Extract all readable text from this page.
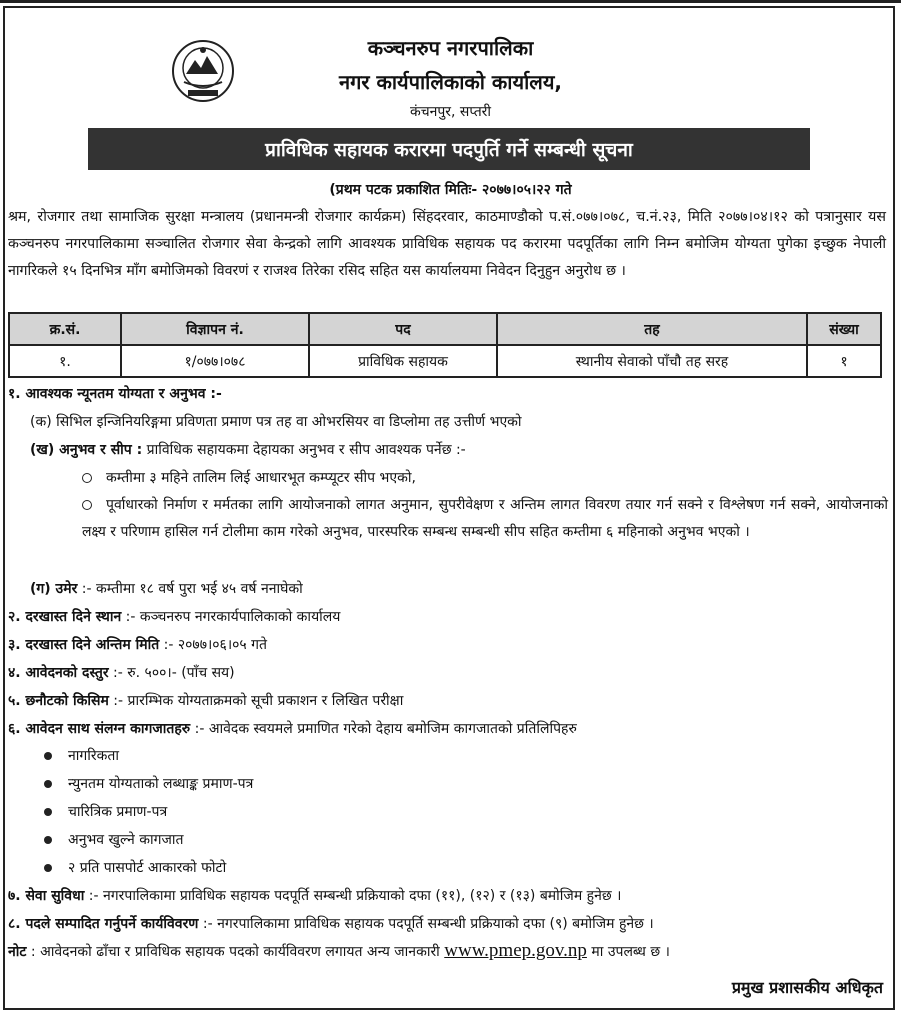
कञ्चनरुप नगरपालिका
नगर कार्यपालिकाको कार्यालय,
कंचनपुर, सप्तरी
प्राविधिक सहायक करारमा पदपुर्ति गर्ने सम्बन्धी सूचना
(प्रथम पटक प्रकाशित मितिः- २०७७।०५।२२ गते
श्रम, रोजगार तथा सामाजिक सुरक्षा मन्त्रालय (प्रधानमन्त्री रोजगार कार्यक्रम) सिंहदरवार, काठमाण्डौको प.सं.०७७।०७८, च.नं.२३, मिति २०७७।०४।१२ को पत्रानुसार यस कञ्चनरुप नगरपालिकामा सञ्चालित रोजगार सेवा केन्द्रको लागि आवश्यक प्राविधिक सहायक पद करारमा पदपूर्तिका लागि निम्न बमोजिम योग्यता पुगेका इच्छुक नेपाली नागरिकले १५ दिनभित्र माँग बमोजिमको विवरणं र राजश्व तिरेका रसिद सहित यस कार्यालयमा निवेदन दिनुहुन अनुरोध छ ।
क्र.सं.	विज्ञापन नं.	पद	तह	संख्या
१.	१/०७७।०७८	प्राविधिक सहायक	स्थानीय सेवाको पाँचौ तह सरह	१
१. आवश्यक न्यूनतम योग्यता र अनुभव :-
(क) सिभिल इन्जिनियरिङ्गमा प्रविणता प्रमाण पत्र तह वा ओभरसियर वा डिप्लोमा तह उत्तीर्ण भएको
(ख) अनुभव र सीप : प्राविधिक सहायकमा देहायका अनुभव र सीप आवश्यक पर्नेछ :-
कम्तीमा ३ महिने तालिम लिई आधारभूत कम्प्यूटर सीप भएको,
पूर्वाधारको निर्माण र मर्मतका लागि आयोजनाको लागत अनुमान, सुपरीवेक्षण र अन्तिम लागत विवरण तयार गर्न सक्ने र विश्लेषण गर्न सक्ने, आयोजनाको लक्ष्य र परिणाम हासिल गर्न टोलीमा काम गरेको अनुभव, पारस्परिक सम्बन्ध सम्बन्धी सीप सहित कम्तीमा ६ महिनाको अनुभव भएको ।
(ग) उमेर :- कम्तीमा १८ वर्ष पुरा भई ४५ वर्ष ननाघेको
२. दरखास्त दिने स्थान :- कञ्चनरुप नगरकार्यपालिकाको कार्यालय
३. दरखास्त दिने अन्तिम मिति :- २०७७।०६।०५ गते
४. आवेदनको दस्तुर :- रु. ५००।- (पाँच सय)
५. छनौटको किसिम :- प्रारम्भिक योग्यताक्रमको सूची प्रकाशन र लिखित परीक्षा
६. आवेदन साथ संलग्न कागजातहरु :- आवेदक स्वयमले प्रमाणित गरेको देहाय बमोजिम कागजातको प्रतिलिपिहरु
नागरिकता
न्युनतम योग्यताको लब्धाङ्क प्रमाण-पत्र
चारित्रिक प्रमाण-पत्र
अनुभव खुल्ने कागजात
२ प्रति पासपोर्ट आकारको फोटो
७. सेवा सुविधा :- नगरपालिकामा प्राविधिक सहायक पदपूर्ति सम्बन्धी प्रक्रियाको दफा (११), (१२) र (१३) बमोजिम हुनेछ ।
८. पदले सम्पादित गर्नुपर्ने कार्यविवरण :- नगरपालिकामा प्राविधिक सहायक पदपूर्ति सम्बन्धी प्रक्रियाको दफा (९) बमोजिम हुनेछ ।
नोट : आवेदनको ढाँचा र प्राविधिक सहायक पदको कार्यविवरण लगायत अन्य जानकारी www.pmep.gov.np मा उपलब्ध छ ।
प्रमुख प्रशासकीय अधिकृत
